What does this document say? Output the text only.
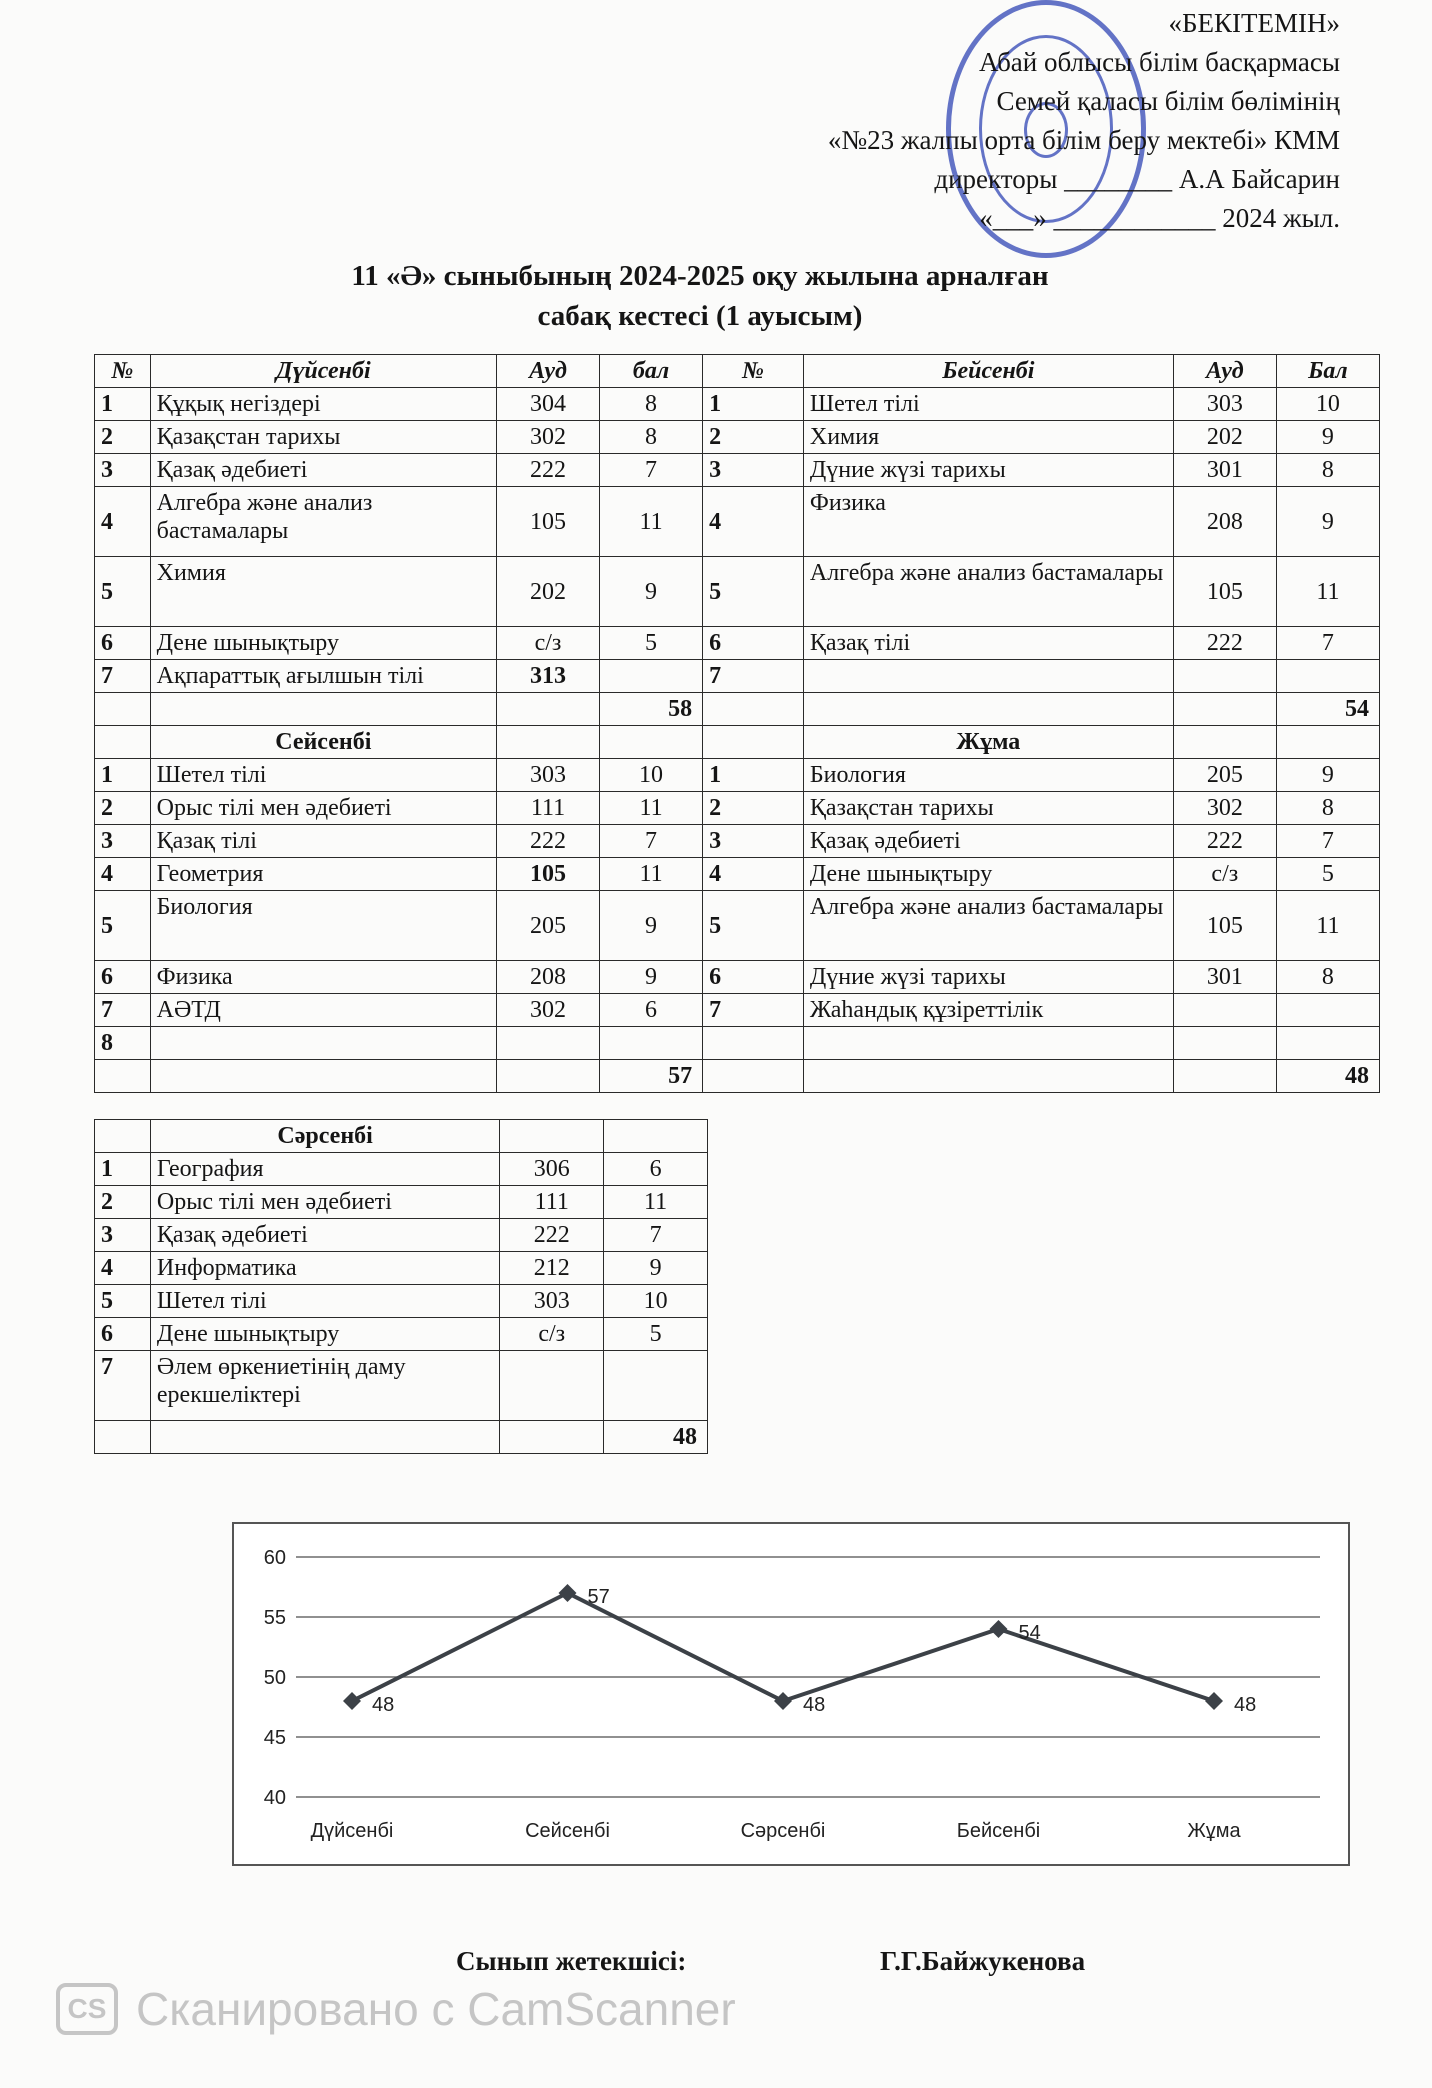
«БЕКІТЕМІН»
Абай облысы білім басқармасы
Семей қаласы білім бөлімінің
«№23 жалпы орта білім беру мектебі» КММ
директоры ________ А.А Байсарин
«___» ____________ 2024 жыл.
11 «Ә» сыныбының 2024-2025 оқу жылына арналған
сабақ кестесі (1 ауысым)
№	Дүйсенбі	Ауд	бал	№	Бейсенбі	Ауд	Бал
1	Құқық негіздері	304	8	1	Шетел тілі	303	10
2	Қазақстан тарихы	302	8	2	Химия	202	9
3	Қазақ әдебиеті	222	7	3	Дүние жүзі тарихы	301	8
4	Алгебра және анализ бастамалары	105	11	4	Физика	208	9
5	Химия	202	9	5	Алгебра және анализ бастамалары	105	11
6	Дене шынықтыру	с/з	5	6	Қазақ тілі	222	7
7	Ақпараттық ағылшын тілі	313		7			
			58				54
	Сейсенбі				Жұма		
1	Шетел тілі	303	10	1	Биология	205	9
2	Орыс тілі мен әдебиеті	111	11	2	Қазақстан тарихы	302	8
3	Қазақ тілі	222	7	3	Қазақ әдебиеті	222	7
4	Геометрия	105	11	4	Дене шынықтыру	с/з	5
5	Биология	205	9	5	Алгебра және анализ бастамалары	105	11
6	Физика	208	9	6	Дүние жүзі тарихы	301	8
7	АӘТД	302	6	7	Жаһандық құзіреттілік		
8							
			57				48
	Сәрсенбі		
1	География	306	6
2	Орыс тілі мен әдебиеті	111	11
3	Қазақ әдебиеті	222	7
4	Информатика	212	9
5	Шетел тілі	303	10
6	Дене шынықтыру	с/з	5
7	Әлем өркениетінің даму ерекшеліктері		
			48
40
45
50
55
60
Дүйсенбі	Сейсенбі	Сәрсенбі	Бейсенбі	Жұма
48
57
48
54
48
Сынып жетекшісі:	Г.Г.Байжукенова
CS Сканировано с CamScanner
